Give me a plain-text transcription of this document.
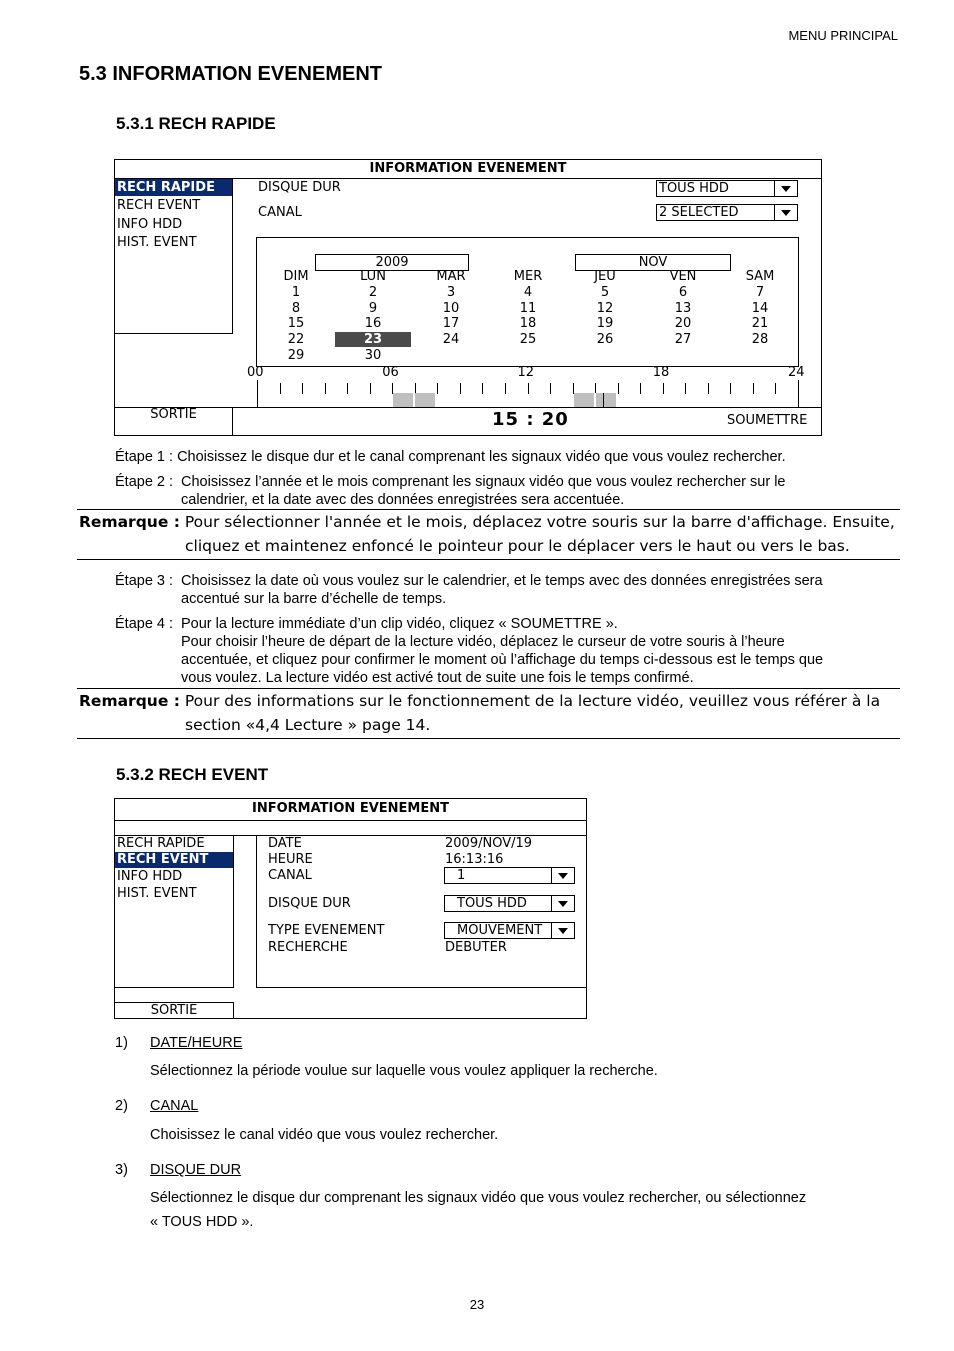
MENU PRINCIPAL
5.3 INFORMATION EVENEMENT
5.3.1 RECH RAPIDE
INFORMATION EVENEMENT
RECH RAPIDE
RECH EVENT
INFO HDD
HIST. EVENT
SORTIE
DISQUE DUR	TOUS HDD
CANAL	2 SELECTED
2009	NOV
DIM	LUN	MAR	MER	JEU	VEN	SAM
1	2	3	4	5	6	7
8	9	10	11	12	13	14
15	16	17	18	19	20	21
22	23	24	25	26	27	28
29	30
00	06	12	18	24
15 : 20	SOUMETTRE
Étape 1 : Choisissez le disque dur et le canal comprenant les signaux vidéo que vous voulez rechercher.
Étape 2 : Choisissez l’année et le mois comprenant les signaux vidéo que vous voulez rechercher sur le
calendrier, et la date avec des données enregistrées sera accentuée.
Remarque : Pour sélectionner l'année et le mois, déplacez votre souris sur la barre d'affichage. Ensuite,
cliquez et maintenez enfoncé le pointeur pour le déplacer vers le haut ou vers le bas.
Étape 3 : Choisissez la date où vous voulez sur le calendrier, et le temps avec des données enregistrées sera
accentué sur la barre d’échelle de temps.
Étape 4 : Pour la lecture immédiate d’un clip vidéo, cliquez « SOUMETTRE ».
Pour choisir l’heure de départ de la lecture vidéo, déplacez le curseur de votre souris à l’heure
accentuée, et cliquez pour confirmer le moment où l’affichage du temps ci-dessous est le temps que
vous voulez. La lecture vidéo est activé tout de suite une fois le temps confirmé.
Remarque : Pour des informations sur le fonctionnement de la lecture vidéo, veuillez vous référer à la
section «4,4 Lecture » page 14.
5.3.2 RECH EVENT
INFORMATION EVENEMENT
RECH RAPIDE
RECH EVENT
INFO HDD
HIST. EVENT
SORTIE
DATE	2009/NOV/19
HEURE	16:13:16
CANAL	1
DISQUE DUR	TOUS HDD
TYPE EVENEMENT	MOUVEMENT
RECHERCHE	DEBUTER
1) DATE/HEURE
Sélectionnez la période voulue sur laquelle vous voulez appliquer la recherche.
2) CANAL
Choisissez le canal vidéo que vous voulez rechercher.
3) DISQUE DUR
Sélectionnez le disque dur comprenant les signaux vidéo que vous voulez rechercher, ou sélectionnez
« TOUS HDD ».
23
